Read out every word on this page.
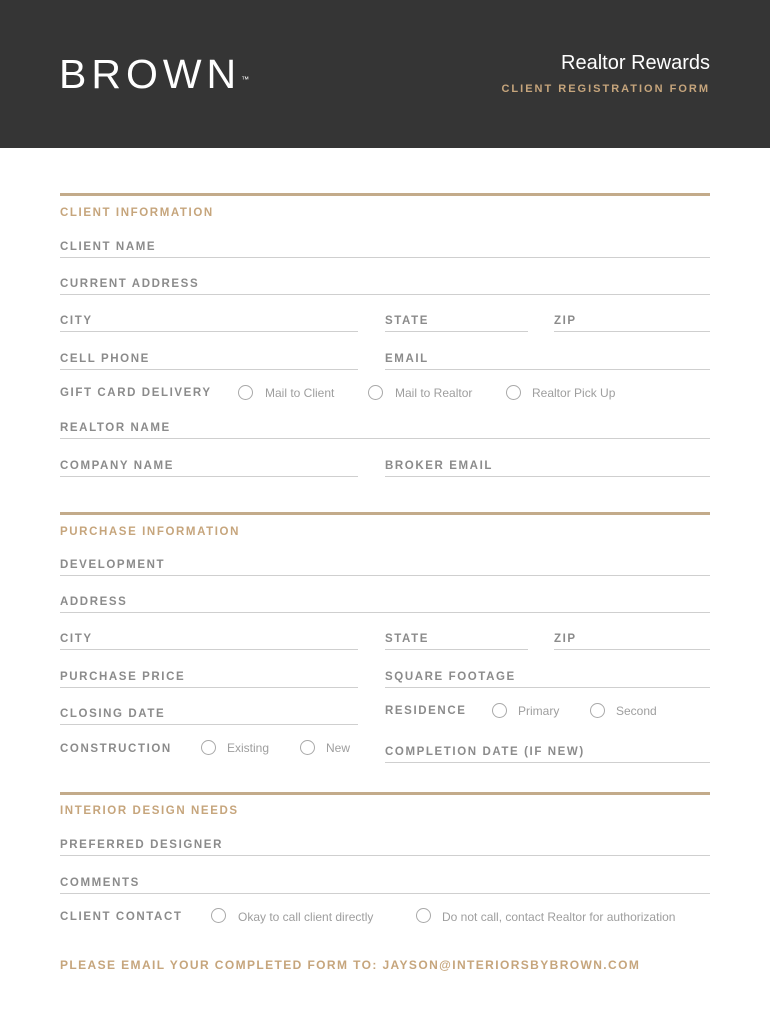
BROWN™
Realtor Rewards
CLIENT REGISTRATION FORM
CLIENT INFORMATION
CLIENT NAME
CURRENT ADDRESS
CITY	STATE	ZIP
CELL PHONE	EMAIL
GIFT CARD DELIVERY	Mail to Client	Mail to Realtor	Realtor Pick Up
REALTOR NAME
COMPANY NAME	BROKER EMAIL
PURCHASE INFORMATION
DEVELOPMENT
ADDRESS
CITY	STATE	ZIP
PURCHASE PRICE	SQUARE FOOTAGE
CLOSING DATE	RESIDENCE	Primary	Second
CONSTRUCTION	Existing	New	COMPLETION DATE (IF NEW)
INTERIOR DESIGN NEEDS
PREFERRED DESIGNER
COMMENTS
CLIENT CONTACT	Okay to call client directly	Do not call, contact Realtor for authorization
PLEASE EMAIL YOUR COMPLETED FORM TO: JAYSON@INTERIORSBYBROWN.COM
